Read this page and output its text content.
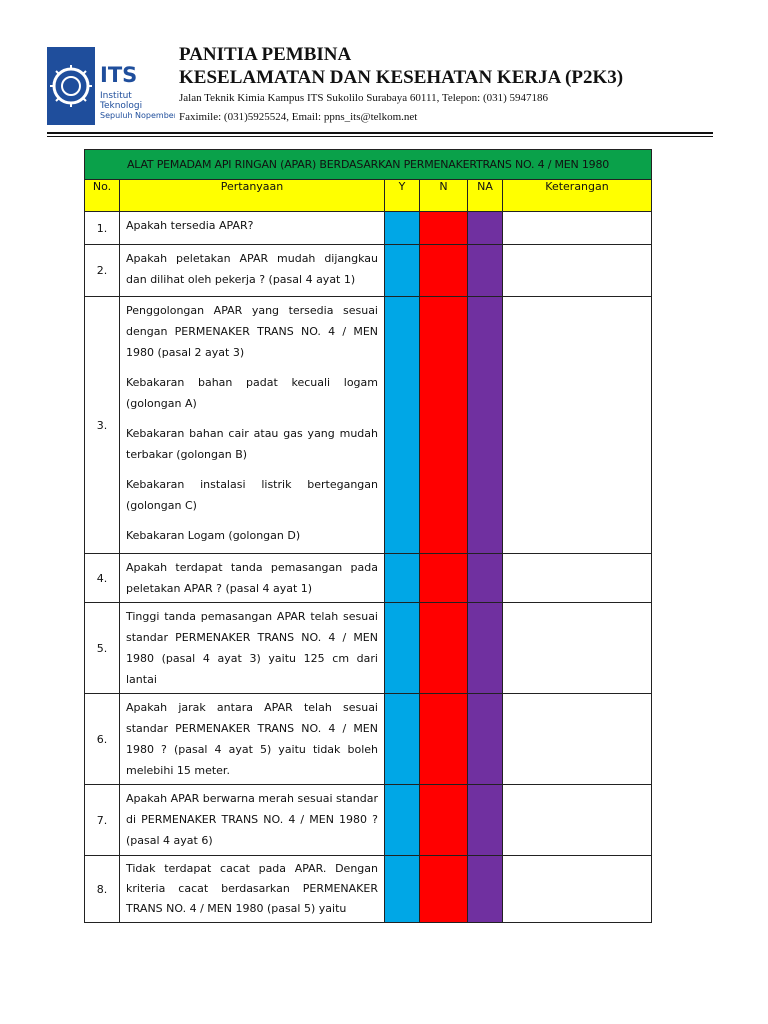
ITS
Institut
Teknologi
Sepuluh Nopember
PANITIA PEMBINA
KESELAMATAN DAN KESEHATAN KERJA (P2K3)
Jalan Teknik Kimia Kampus ITS Sukolilo Surabaya 60111, Telepon: (031) 5947186
Faximile: (031)5925524, Email: ppns_its@telkom.net
ALAT PEMADAM API RINGAN (APAR) BERDASARKAN PERMENAKERTRANS NO. 4 / MEN 1980					
No.	Pertanyaan	Y	N	NA	Keterangan
1.	Apakah tersedia APAR?				

2.	Apakah peletakan APAR mudah dijangkau dan dilihat oleh pekerja ? (pasal 4 ayat 1)				

3.	Penggolongan APAR yang tersedia sesuai dengan PERMENAKER TRANS NO. 4 / MEN 1980 (pasal 2 ayat 3)

Kebakaran bahan padat kecuali logam (golongan A)

Kebakaran bahan cair atau gas yang mudah terbakar (golongan B)

Kebakaran instalasi listrik bertegangan (golongan C)

Kebakaran Logam (golongan D)				

4.	Apakah terdapat tanda pemasangan pada peletakan APAR ? (pasal 4 ayat 1)				

5.	Tinggi tanda pemasangan APAR telah sesuai standar PERMENAKER TRANS NO. 4 / MEN 1980 (pasal 4 ayat 3) yaitu 125 cm dari lantai				

6.	Apakah jarak antara APAR telah sesuai standar PERMENAKER TRANS NO. 4 / MEN 1980 ? (pasal 4 ayat 5) yaitu tidak boleh melebihi 15 meter.				

7.	Apakah APAR berwarna merah sesuai standar di PERMENAKER TRANS NO. 4 / MEN 1980 ? (pasal 4 ayat 6)				

8.	Tidak terdapat cacat pada APAR. Dengan kriteria cacat berdasarkan PERMENAKER TRANS NO. 4 / MEN 1980 (pasal 5) yaitu				
